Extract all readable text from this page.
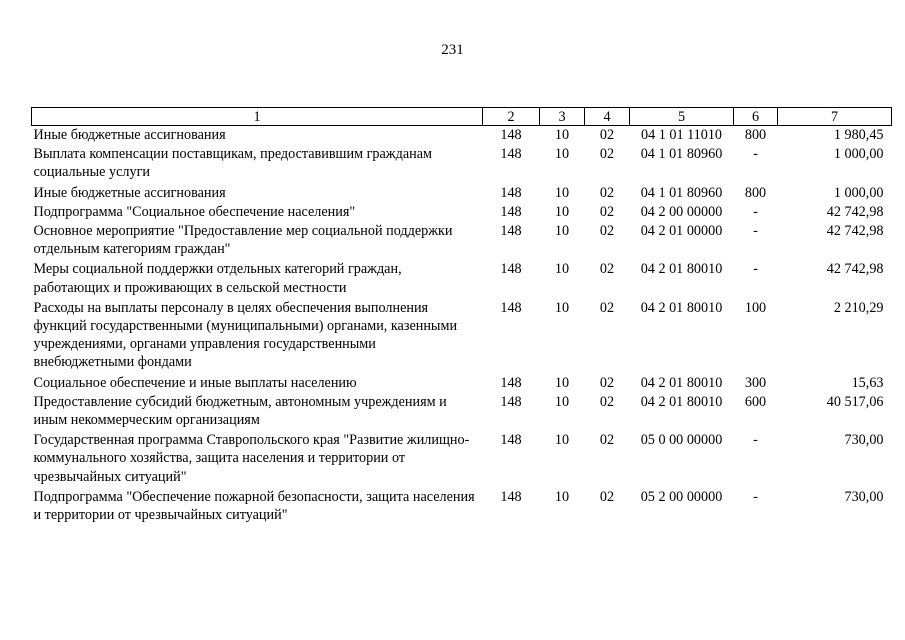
231
1	2	3	4	5	6	7
Иные бюджетные ассигнования	148	10	02	04 1 01 11010	800	1 980,45
Выплата компенсации поставщикам, предоставившим гражданам социальные услуги	148	10	02	04 1 01 80960	-	1 000,00
Иные бюджетные ассигнования	148	10	02	04 1 01 80960	800	1 000,00
Подпрограмма "Социальное обеспечение населения"	148	10	02	04 2 00 00000	-	42 742,98
Основное мероприятие "Предоставление мер социальной поддержки отдельным категориям граждан"	148	10	02	04 2 01 00000	-	42 742,98
Меры социальной поддержки отдельных категорий граждан, работающих и проживающих в сельской местности	148	10	02	04 2 01 80010	-	42 742,98
Расходы на выплаты персоналу в целях обеспечения выполнения функций государственными (муниципальными) органами, казенными учреждениями, органами управления государственными внебюджетными фондами	148	10	02	04 2 01 80010	100	2 210,29
Социальное обеспечение и иные выплаты населению	148	10	02	04 2 01 80010	300	15,63
Предоставление субсидий бюджетным, автономным учреждениям и иным некоммерческим организациям	148	10	02	04 2 01 80010	600	40 517,06
Государственная программа Ставропольского края "Развитие жилищно-коммунального хозяйства, защита населения и территории от чрезвычайных ситуаций"	148	10	02	05 0 00 00000	-	730,00
Подпрограмма "Обеспечение пожарной безопасности, защита населения и территории от чрезвычайных ситуаций"	148	10	02	05 2 00 00000	-	730,00
